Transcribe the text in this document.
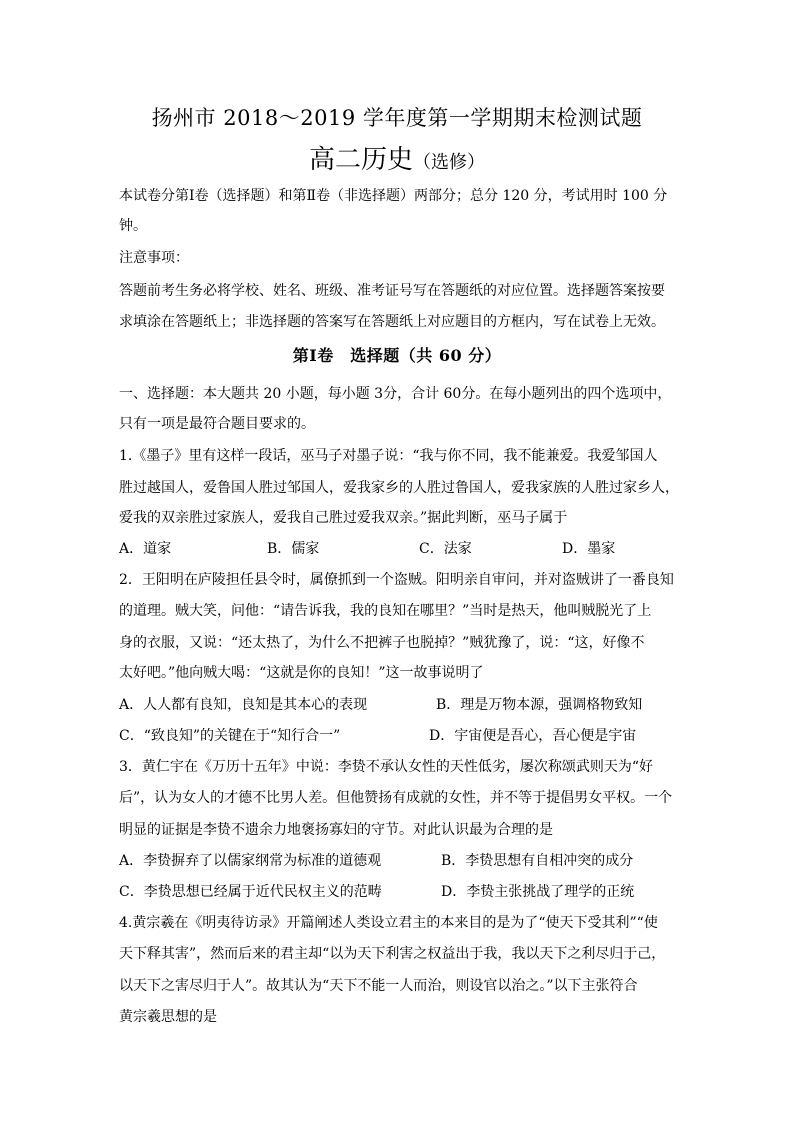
扬州市 2018～2019 学年度第一学期期末检测试题
高二历史（选修）
本试卷分第Ⅰ卷（选择题）和第Ⅱ卷（非选择题）两部分；总分 120 分，考试用时 100 分
钟。
注意事项：
答题前考生务必将学校、姓名、班级、准考证号写在答题纸的对应位置。选择题答案按要
求填涂在答题纸上；非选择题的答案写在答题纸上对应题目的方框内，写在试卷上无效。
第Ⅰ卷　选择题（共 60 分）
一、选择题：本大题共 20 小题，每小题 3分，合计 60分。在每小题列出的四个选项中，
只有一项是最符合题目要求的。
1.《墨子》里有这样一段话，巫马子对墨子说：“我与你不同，我不能兼爱。我爱邹国人
胜过越国人，爱鲁国人胜过邹国人，爱我家乡的人胜过鲁国人，爱我家族的人胜过家乡人，
爱我的双亲胜过家族人，爱我自己胜过爱我双亲。”据此判断，巫马子属于
A．道家	B．儒家	C．法家	D．墨家
2．王阳明在庐陵担任县令时，属僚抓到一个盗贼。阳明亲自审问，并对盗贼讲了一番良知
的道理。贼大笑，问他：“请告诉我，我的良知在哪里？”当时是热天，他叫贼脱光了上
身的衣服，又说：“还太热了，为什么不把裤子也脱掉？”贼犹豫了，说：“这，好像不
太好吧。”他向贼大喝：“这就是你的良知！”这一故事说明了
A．人人都有良知，良知是其本心的表现	B．理是万物本源，强调格物致知
C．“致良知”的关键在于“知行合一”	D．宇宙便是吾心，吾心便是宇宙
3．黄仁宇在《万历十五年》中说：李贽不承认女性的天性低劣，屡次称颂武则天为“好
后”，认为女人的才德不比男人差。但他赞扬有成就的女性，并不等于提倡男女平权。一个
明显的证据是李贽不遗余力地褒扬寡妇的守节。对此认识最为合理的是
A．李贽摒弃了以儒家纲常为标准的道德观	B．李贽思想有自相冲突的成分
C．李贽思想已经属于近代民权主义的范畴	D．李贽主张挑战了理学的正统
4.黄宗羲在《明夷待访录》开篇阐述人类设立君主的本来目的是为了“使天下受其利”“使
天下释其害”，然而后来的君主却“以为天下利害之权益出于我，我以天下之利尽归于己，
以天下之害尽归于人”。故其认为“天下不能一人而治，则设官以治之。”以下主张符合
黄宗羲思想的是
